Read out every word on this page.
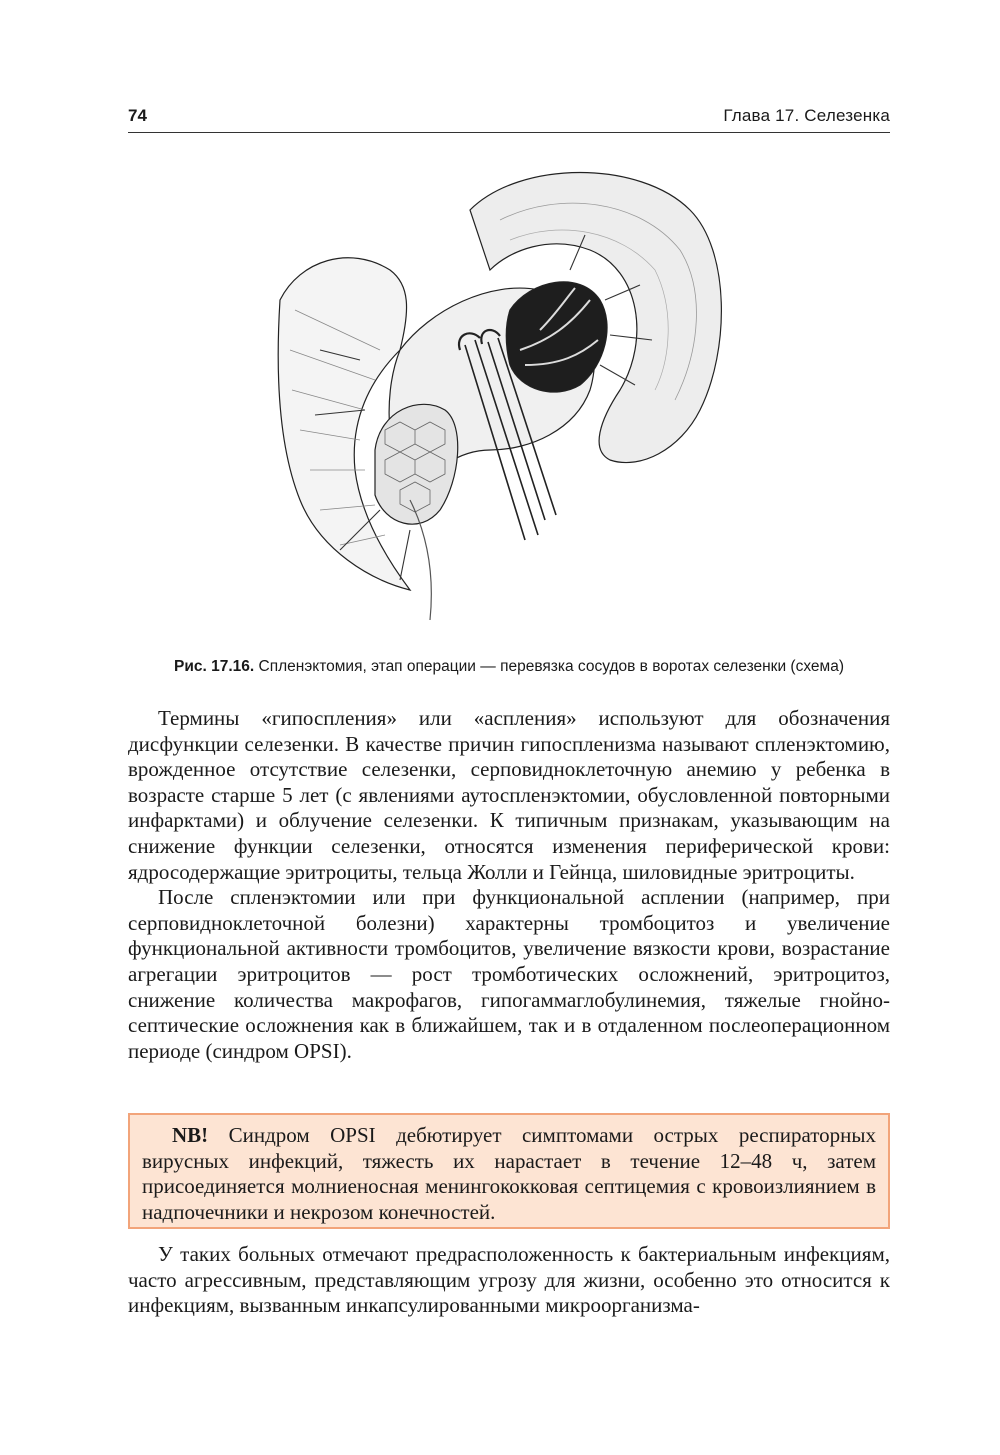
74	Глава 17. Селезенка
Рис. 17.16. Спленэктомия, этап операции — перевязка сосудов в воротах селезенки (схема)

Термины «гипоспления» или «аспления» используют для обозначения дисфункции селезенки. В качестве причин гипоспленизма называют спленэктомию, врожденное отсутствие селезенки, серповидноклеточную анемию у ребенка в возрасте старше 5 лет (с явлениями аутоспленэктомии, обусловленной повторными инфарктами) и облучение селезенки. К типичным признакам, указывающим на снижение функции селезенки, относятся изменения периферической крови: ядросодержащие эритроциты, тельца Жолли и Гейнца, шиловидные эритроциты.

После спленэктомии или при функциональной асплении (например, при серповидноклеточной болезни) характерны тромбоцитоз и увеличение функциональной активности тромбоцитов, увеличение вязкости крови, возрастание агрегации эритроцитов — рост тромботических осложнений, эритроцитоз, снижение количества макрофагов, гипогаммаглобулинемия, тяжелые гнойно-септические осложнения как в ближайшем, так и в отдаленном послеоперационном периоде (синдром OPSI).

NB! Синдром OPSI дебютирует симптомами острых респираторных вирусных инфекций, тяжесть их нарастает в течение 12–48 ч, затем присоединяется молниеносная менингококковая септицемия с кровоизлиянием в надпочечники и некрозом конечностей.

У таких больных отмечают предрасположенность к бактериальным инфекциям, часто агрессивным, представляющим угрозу для жизни, особенно это относится к инфекциям, вызванным инкапсулированными микроорганизма-
